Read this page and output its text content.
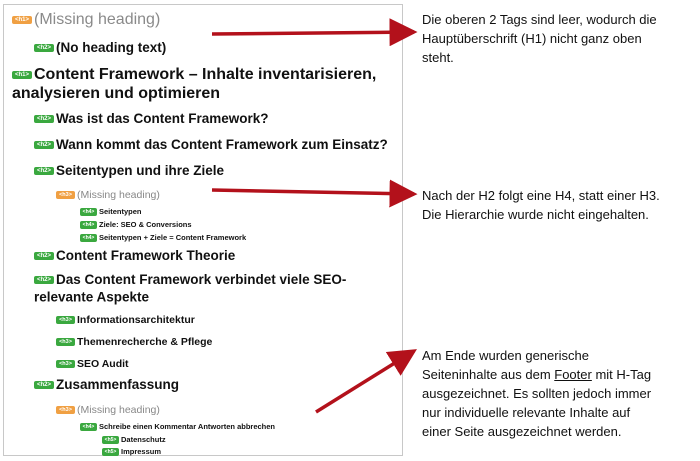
<h1> (Missing heading)
<h2> (No heading text)
<h1> Content Framework – Inhalte inventarisieren,
analysieren und optimieren
<h2> Was ist das Content Framework?
<h2> Wann kommt das Content Framework zum Einsatz?
<h2> Seitentypen und ihre Ziele
<h3> (Missing heading)
<h4> Seitentypen
<h4> Ziele: SEO & Conversions
<h4> Seitentypen + Ziele = Content Framework
<h2> Content Framework Theorie
<h2> Das Content Framework verbindet viele SEO-
relevante Aspekte
<h3> Informationsarchitektur
<h3> Themenrecherche & Pflege
<h3> SEO Audit
<h2> Zusammenfassung
<h3> (Missing heading)
<h4> Schreibe einen Kommentar Antworten abbrechen
<h5> Datenschutz
<h5> Impressum
Die oberen 2 Tags sind leer, wodurch die
Hauptüberschrift (H1) nicht ganz oben
steht.
Nach der H2 folgt eine H4, statt einer H3.
Die Hierarchie wurde nicht eingehalten.
Am Ende wurden generische
Seiteninhalte aus dem Footer mit H-Tag
ausgezeichnet. Es sollten jedoch immer
nur individuelle relevante Inhalte auf
einer Seite ausgezeichnet werden.
